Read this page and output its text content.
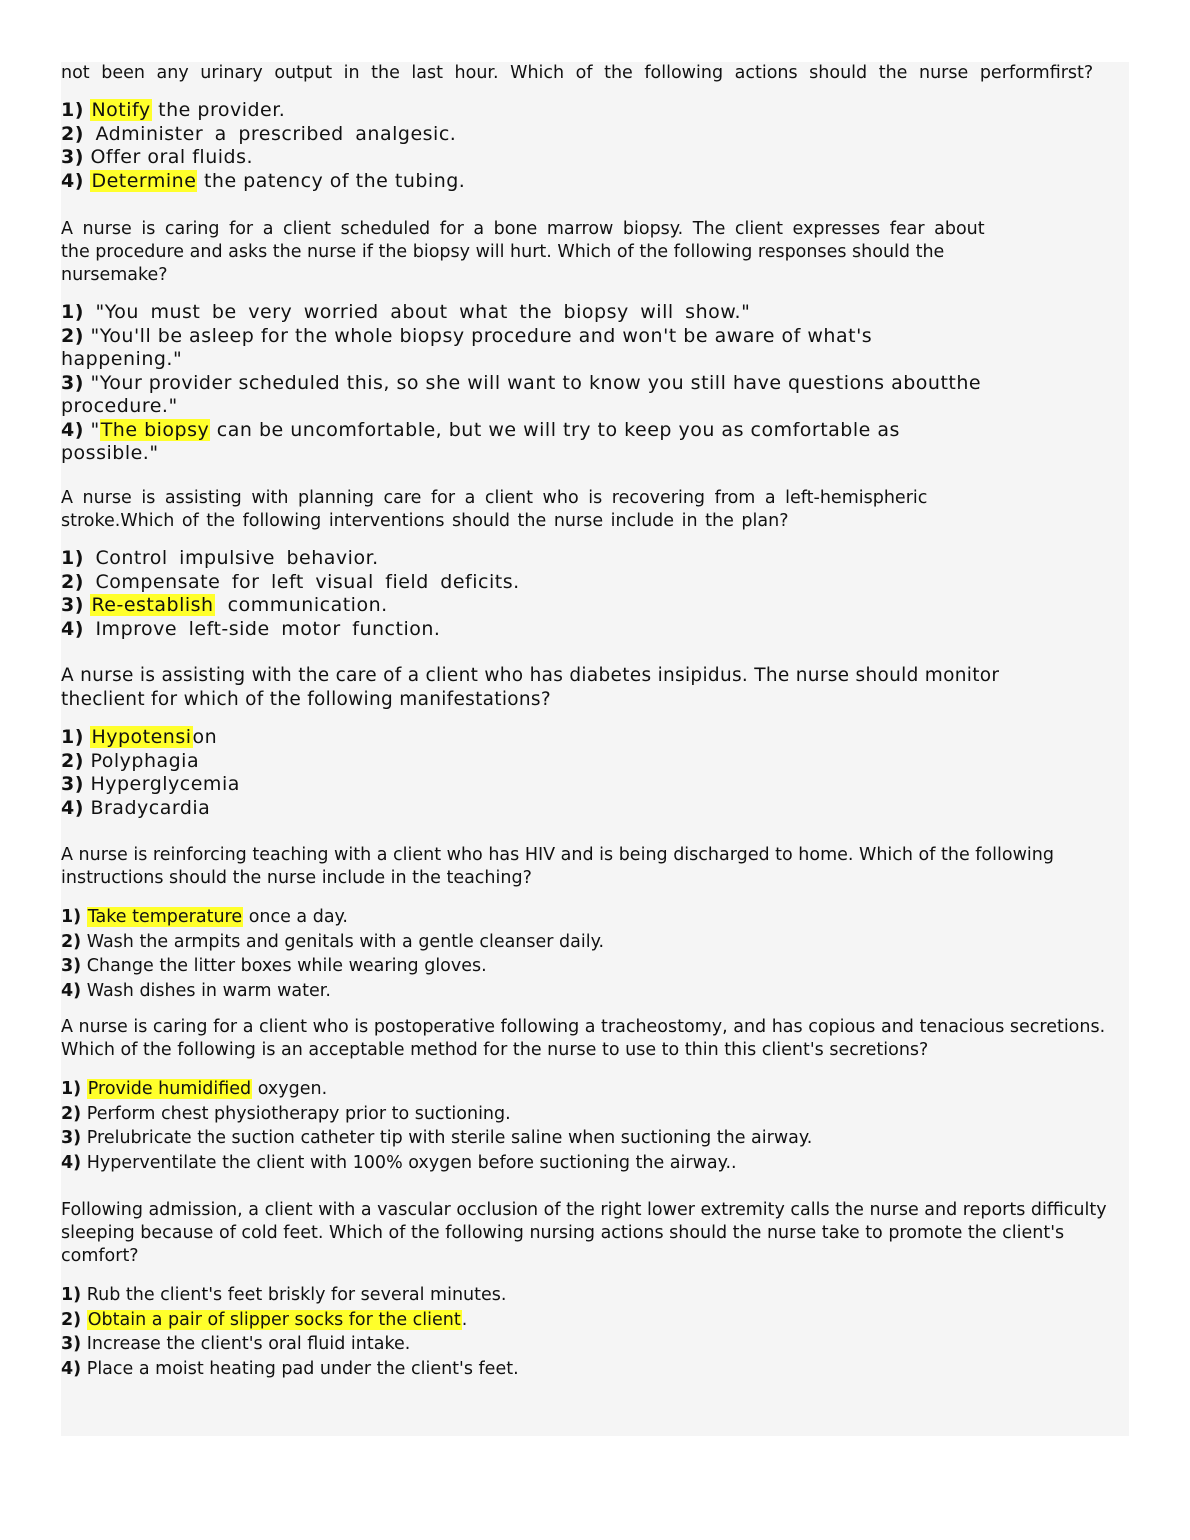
not been any urinary output in the last hour. Which of the following actions should the nurse performfirst?
1) Notify the provider.
2) Administer a prescribed analgesic.
3) Offer oral fluids.
4) Determine the patency of the tubing.
A nurse is caring for a client scheduled for a bone marrow biopsy. The client expresses fear about
the procedure and asks the nurse if the biopsy will hurt. Which of the following responses should the
nursemake?
1) "You must be very worried about what the biopsy will show."
2) "You'll be asleep for the whole biopsy procedure and won't be aware of what's
happening."
3) "Your provider scheduled this, so she will want to know you still have questions aboutthe
procedure."
4) "The biopsy can be uncomfortable, but we will try to keep you as comfortable as
possible."
A nurse is assisting with planning care for a client who is recovering from a left-hemispheric
stroke.Which of the following interventions should the nurse include in the plan?
1) Control impulsive behavior.
2) Compensate for left visual field deficits.
3) Re-establish  communication.
4) Improve left-side motor function.
A nurse is assisting with the care of a client who has diabetes insipidus. The nurse should monitor
theclient for which of the following manifestations?
1) Hypotension
2) Polyphagia
3) Hyperglycemia
4) Bradycardia
A nurse is reinforcing teaching with a client who has HIV and is being discharged to home. Which of the following
instructions should the nurse include in the teaching?
1) Take temperature once a day.
2) Wash the armpits and genitals with a gentle cleanser daily.
3) Change the litter boxes while wearing gloves.
4) Wash dishes in warm water.
A nurse is caring for a client who is postoperative following a tracheostomy, and has copious and tenacious secretions.
Which of the following is an acceptable method for the nurse to use to thin this client's secretions?
1) Provide humidified oxygen.
2) Perform chest physiotherapy prior to suctioning.
3) Prelubricate the suction catheter tip with sterile saline when suctioning the airway.
4) Hyperventilate the client with 100% oxygen before suctioning the airway..
Following admission, a client with a vascular occlusion of the right lower extremity calls the nurse and reports difficulty
sleeping because of cold feet. Which of the following nursing actions should the nurse take to promote the client's
comfort?
1) Rub the client's feet briskly for several minutes.
2) Obtain a pair of slipper socks for the client.
3) Increase the client's oral fluid intake.
4) Place a moist heating pad under the client's feet.
